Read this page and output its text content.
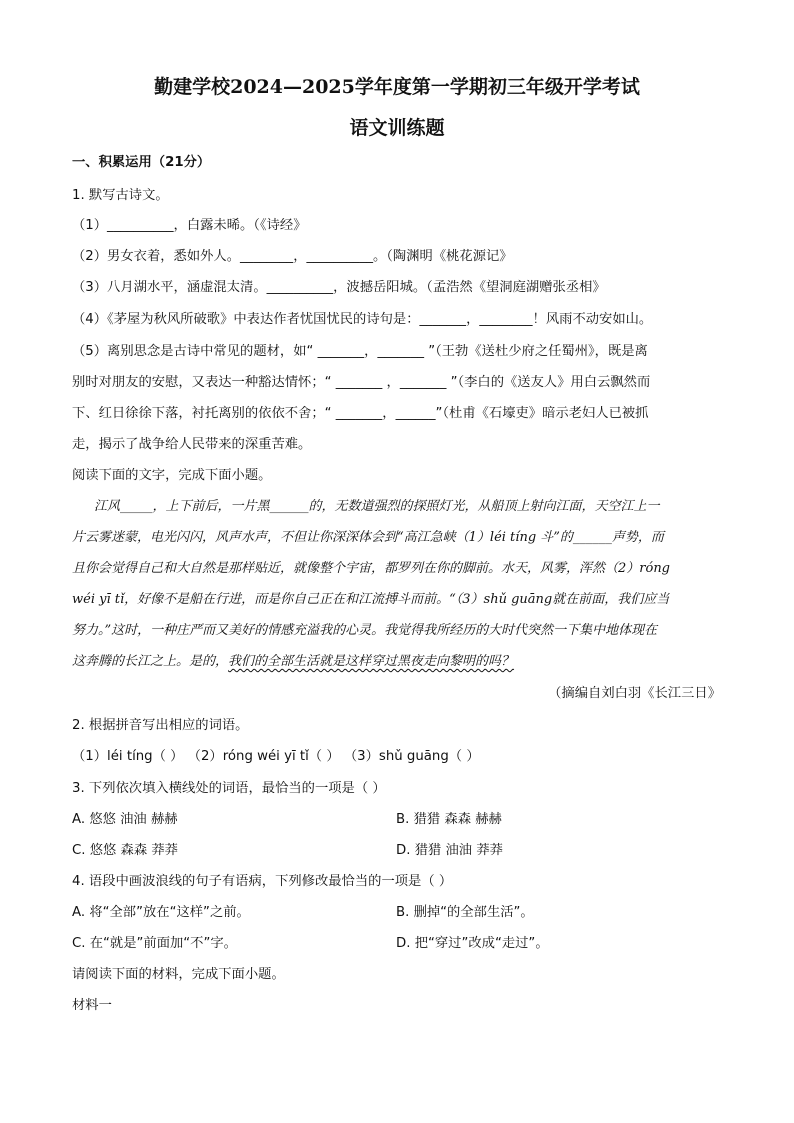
勤建学校2024—2025学年度第一学期初三年级开学考试
语文训练题
一、积累运用（21分）
1. 默写古诗文。
（1）__________，白露未晞。（《诗经》
（2）男女衣着，悉如外人。________，__________。（陶渊明《桃花源记》
（3）八月湖水平，涵虚混太清。__________，波撼岳阳城。（孟浩然《望洞庭湖赠张丞相》
（4）《茅屋为秋风所破歌》中表达作者忧国忧民的诗句是：_______，________！风雨不动安如山。
（5）离别思念是古诗中常见的题材，如“ _______，_______ ”（王勃《送杜少府之任蜀州》，既是离
别时对朋友的安慰，又表达一种豁达情怀；“ _______ ，_______ ”（李白的《送友人》用白云飘然而
下、红日徐徐下落，衬托离别的依依不舍；“ _______，______”（杜甫《石壕吏》暗示老妇人已被抓
走，揭示了战争给人民带来的深重苦难。
阅读下面的文字，完成下面小题。
江风_____，上下前后，一片黑______的，无数道强烈的探照灯光，从船顶上射向江面，天空江上一
片云雾迷蒙，电光闪闪，风声水声，不但让你深深体会到“高江急峡（1）léi tíng 斗”的______声势，而
且你会觉得自己和大自然是那样贴近，就像整个宇宙，都罗列在你的脚前。水天，风雾，浑然（2）róng
wéi yī tǐ，好像不是船在行进，而是你自己正在和江流搏斗而前。“（3）shǔ guāng就在前面，我们应当
努力。”这时，一种庄严而又美好的情感充溢我的心灵。我觉得我所经历的大时代突然一下集中地体现在
这奔腾的长江之上。是的，我们的全部生活就是这样穿过黑夜走向黎明的吗？
（摘编自刘白羽《长江三日》
2. 根据拼音写出相应的词语。
（1）léi tíng（ ） （2）róng wéi yī tǐ（ ） （3）shǔ guāng（ ）
3. 下列依次填入横线处的词语，最恰当的一项是（ ）
A. 悠悠 油油 赫赫	B. 猎猎 森森 赫赫
C. 悠悠 森森 莽莽	D. 猎猎 油油 莽莽
4. 语段中画波浪线的句子有语病，下列修改最恰当的一项是（ ）
A. 将“全部”放在“这样”之前。	B. 删掉“的全部生活”。
C. 在“就是”前面加“不”字。	D. 把“穿过”改成“走过”。
请阅读下面的材料，完成下面小题。
材料一
